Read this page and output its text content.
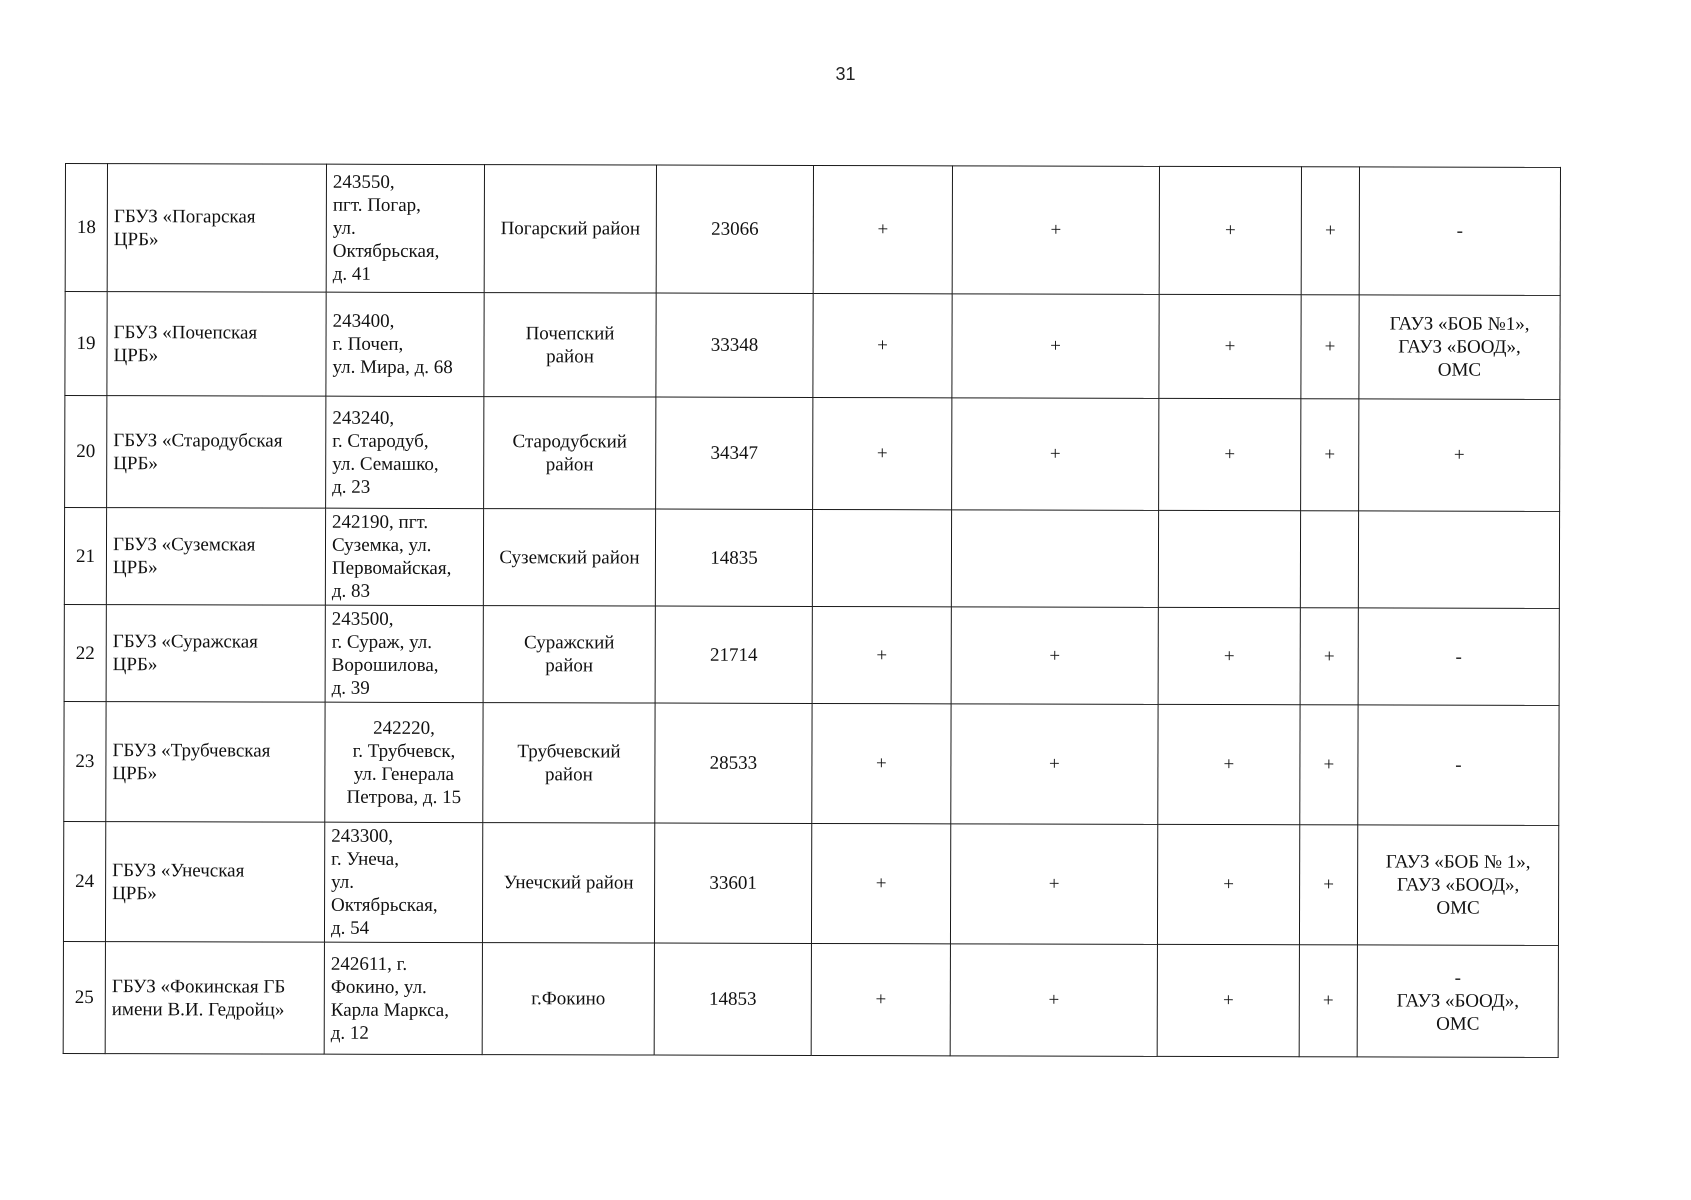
31
18	ГБУЗ «Погарская
ЦРБ»	243550,
пгт. Погар,
ул.
Октябрьская,
д. 41	Погарский район	23066	+	+	+	+	-

19	ГБУЗ «Почепская
ЦРБ»	243400,
г. Почеп,
ул. Мира, д. 68	Почепский
район	33348	+	+	+	+	ГАУЗ «БОБ №1»,
ГАУЗ «БООД»,
ОМС

20	ГБУЗ «Стародубская
ЦРБ»	243240,
г. Стародуб,
ул. Семашко,
д. 23	Стародубский
район	34347	+	+	+	+	+

21	ГБУЗ «Суземская
ЦРБ»	242190, пгт.
Суземка, ул.
Первомайская,
д. 83	Суземский район	14835					

22	ГБУЗ «Суражская
ЦРБ»	243500,
г. Сураж, ул.
Ворошилова,
д. 39	Суражский
район	21714	+	+	+	+	-

23	ГБУЗ «Трубчевская
ЦРБ»	242220,
г. Трубчевск,
ул. Генерала
Петрова, д. 15	Трубчевский
район	28533	+	+	+	+	-

24	ГБУЗ «Унечская
ЦРБ»	243300,
г. Унеча,
ул.
Октябрьская,
д. 54	Унечский район	33601	+	+	+	+	ГАУЗ «БОБ № 1»,
ГАУЗ «БООД»,
ОМС

25	ГБУЗ «Фокинская ГБ
имени В.И. Гедройц»	242611, г.
Фокино, ул.
Карла Маркса,
д. 12	г.Фокино	14853	+	+	+	+	-
ГАУЗ «БООД»,
ОМС
